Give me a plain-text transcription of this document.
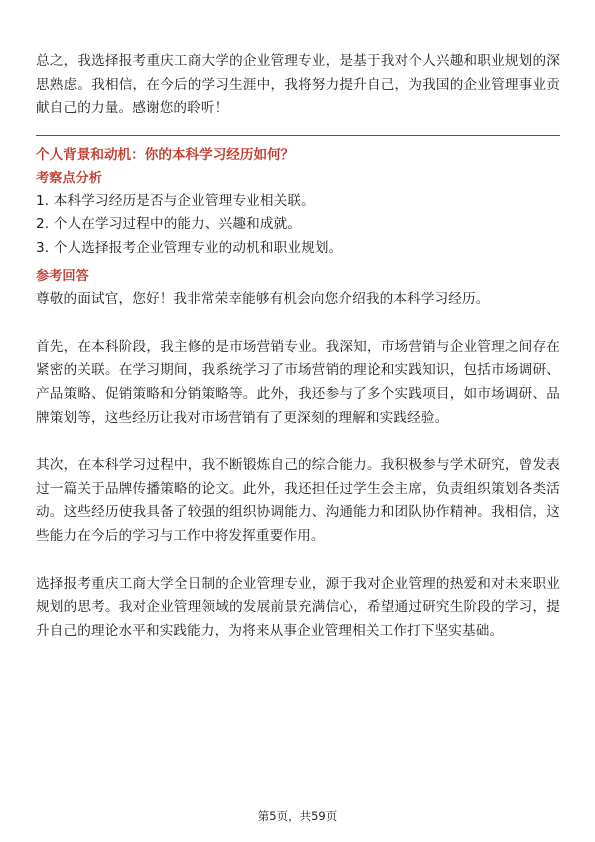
总之，我选择报考重庆工商大学的企业管理专业，是基于我对个人兴趣和职业规划的深思熟虑。我相信，在今后的学习生涯中，我将努力提升自己，为我国的企业管理事业贡献自己的力量。感谢您的聆听！

个人背景和动机：你的本科学习经历如何？

考察点分析

1. 本科学习经历是否与企业管理专业相关联。
2. 个人在学习过程中的能力、兴趣和成就。
3. 个人选择报考企业管理专业的动机和职业规划。

参考回答

尊敬的面试官，您好！我非常荣幸能够有机会向您介绍我的本科学习经历。

首先，在本科阶段，我主修的是市场营销专业。我深知，市场营销与企业管理之间存在紧密的关联。在学习期间，我系统学习了市场营销的理论和实践知识，包括市场调研、产品策略、促销策略和分销策略等。此外，我还参与了多个实践项目，如市场调研、品牌策划等，这些经历让我对市场营销有了更深刻的理解和实践经验。

其次，在本科学习过程中，我不断锻炼自己的综合能力。我积极参与学术研究，曾发表过一篇关于品牌传播策略的论文。此外，我还担任过学生会主席，负责组织策划各类活动。这些经历使我具备了较强的组织协调能力、沟通能力和团队协作精神。我相信，这些能力在今后的学习与工作中将发挥重要作用。

选择报考重庆工商大学全日制的企业管理专业，源于我对企业管理的热爱和对未来职业规划的思考。我对企业管理领域的发展前景充满信心，希望通过研究生阶段的学习，提升自己的理论水平和实践能力，为将来从事企业管理相关工作打下坚实基础。

第5页，共59页
